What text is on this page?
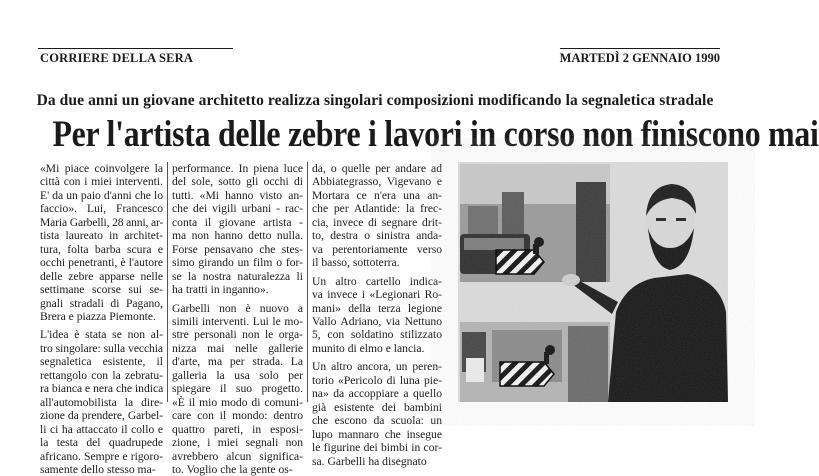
CORRIERE DELLA SERA	MARTEDÌ 2 GENNAIO 1990
Da due anni un giovane architetto realizza singolari composizioni modificando la segnaletica stradale
Per l'artista delle zebre i lavori in corso non finiscono mai

«Mi piace coinvolgere la
città con i miei interventi.
E' da un paio d'anni che lo
faccio». Lui, Francesco
Maria Garbelli, 28 anni, ar-
tista laureato in architet-
tura, folta barba scura e
occhi penetranti, è l'autore
delle zebre apparse nelle
settimane scorse sui se-
gnali stradali di Pagano,
Brera e piazza Piemonte.

L'idea è stata se non al-
tro singolare: sulla vecchia
segnaletica esistente, il
rettangolo con la zebratu-
ra bianca e nera che indica
all'automobilista la dire-
zione da prendere, Garbel-
li ci ha attaccato il collo e
la testa del quadrupede
africano. Sempre e rigoro-
samente dello stesso ma-

performance. In piena luce
del sole, sotto gli occhi di
tutti. «Mi hanno visto an-
che dei vigili urbani - rac-
conta il giovane artista -
ma non hanno detto nulla.
Forse pensavano che stes-
simo girando un film o for-
se la nostra naturalezza li
ha tratti in inganno».

Garbelli non è nuovo a
simili interventi. Lui le mo-
stre personali non le orga-
nizza mai nelle gallerie
d'arte, ma per strada. La
galleria la usa solo per
spiegare il suo progetto.
«È il mio modo di comuni-
care con il mondo: dentro
quattro pareti, in esposi-
zione, i miei segnali non
avrebbero alcun significa-
to. Voglio che la gente os-

da, o quelle per andare ad
Abbiategrasso, Vigevano e
Mortara ce n'era una an-
che per Atlantide: la frec-
cia, invece di segnare drit-
to, destra o sinistra anda-
va perentoriamente verso
il basso, sottoterra.

Un altro cartello indica-
va invece i «Legionari Ro-
mani» della terza legione
Vallo Adriano, via Nettuno
5, con soldatino stilizzato
munito di elmo e lancia.

Un altro ancora, un peren-
torio «Pericolo di luna pie-
na» da accoppiare a quello
già esistente dei bambini
che escono da scuola: un
lupo mannaro che insegue
le figurine dei bimbi in cor-
sa. Garbelli ha disegnato
